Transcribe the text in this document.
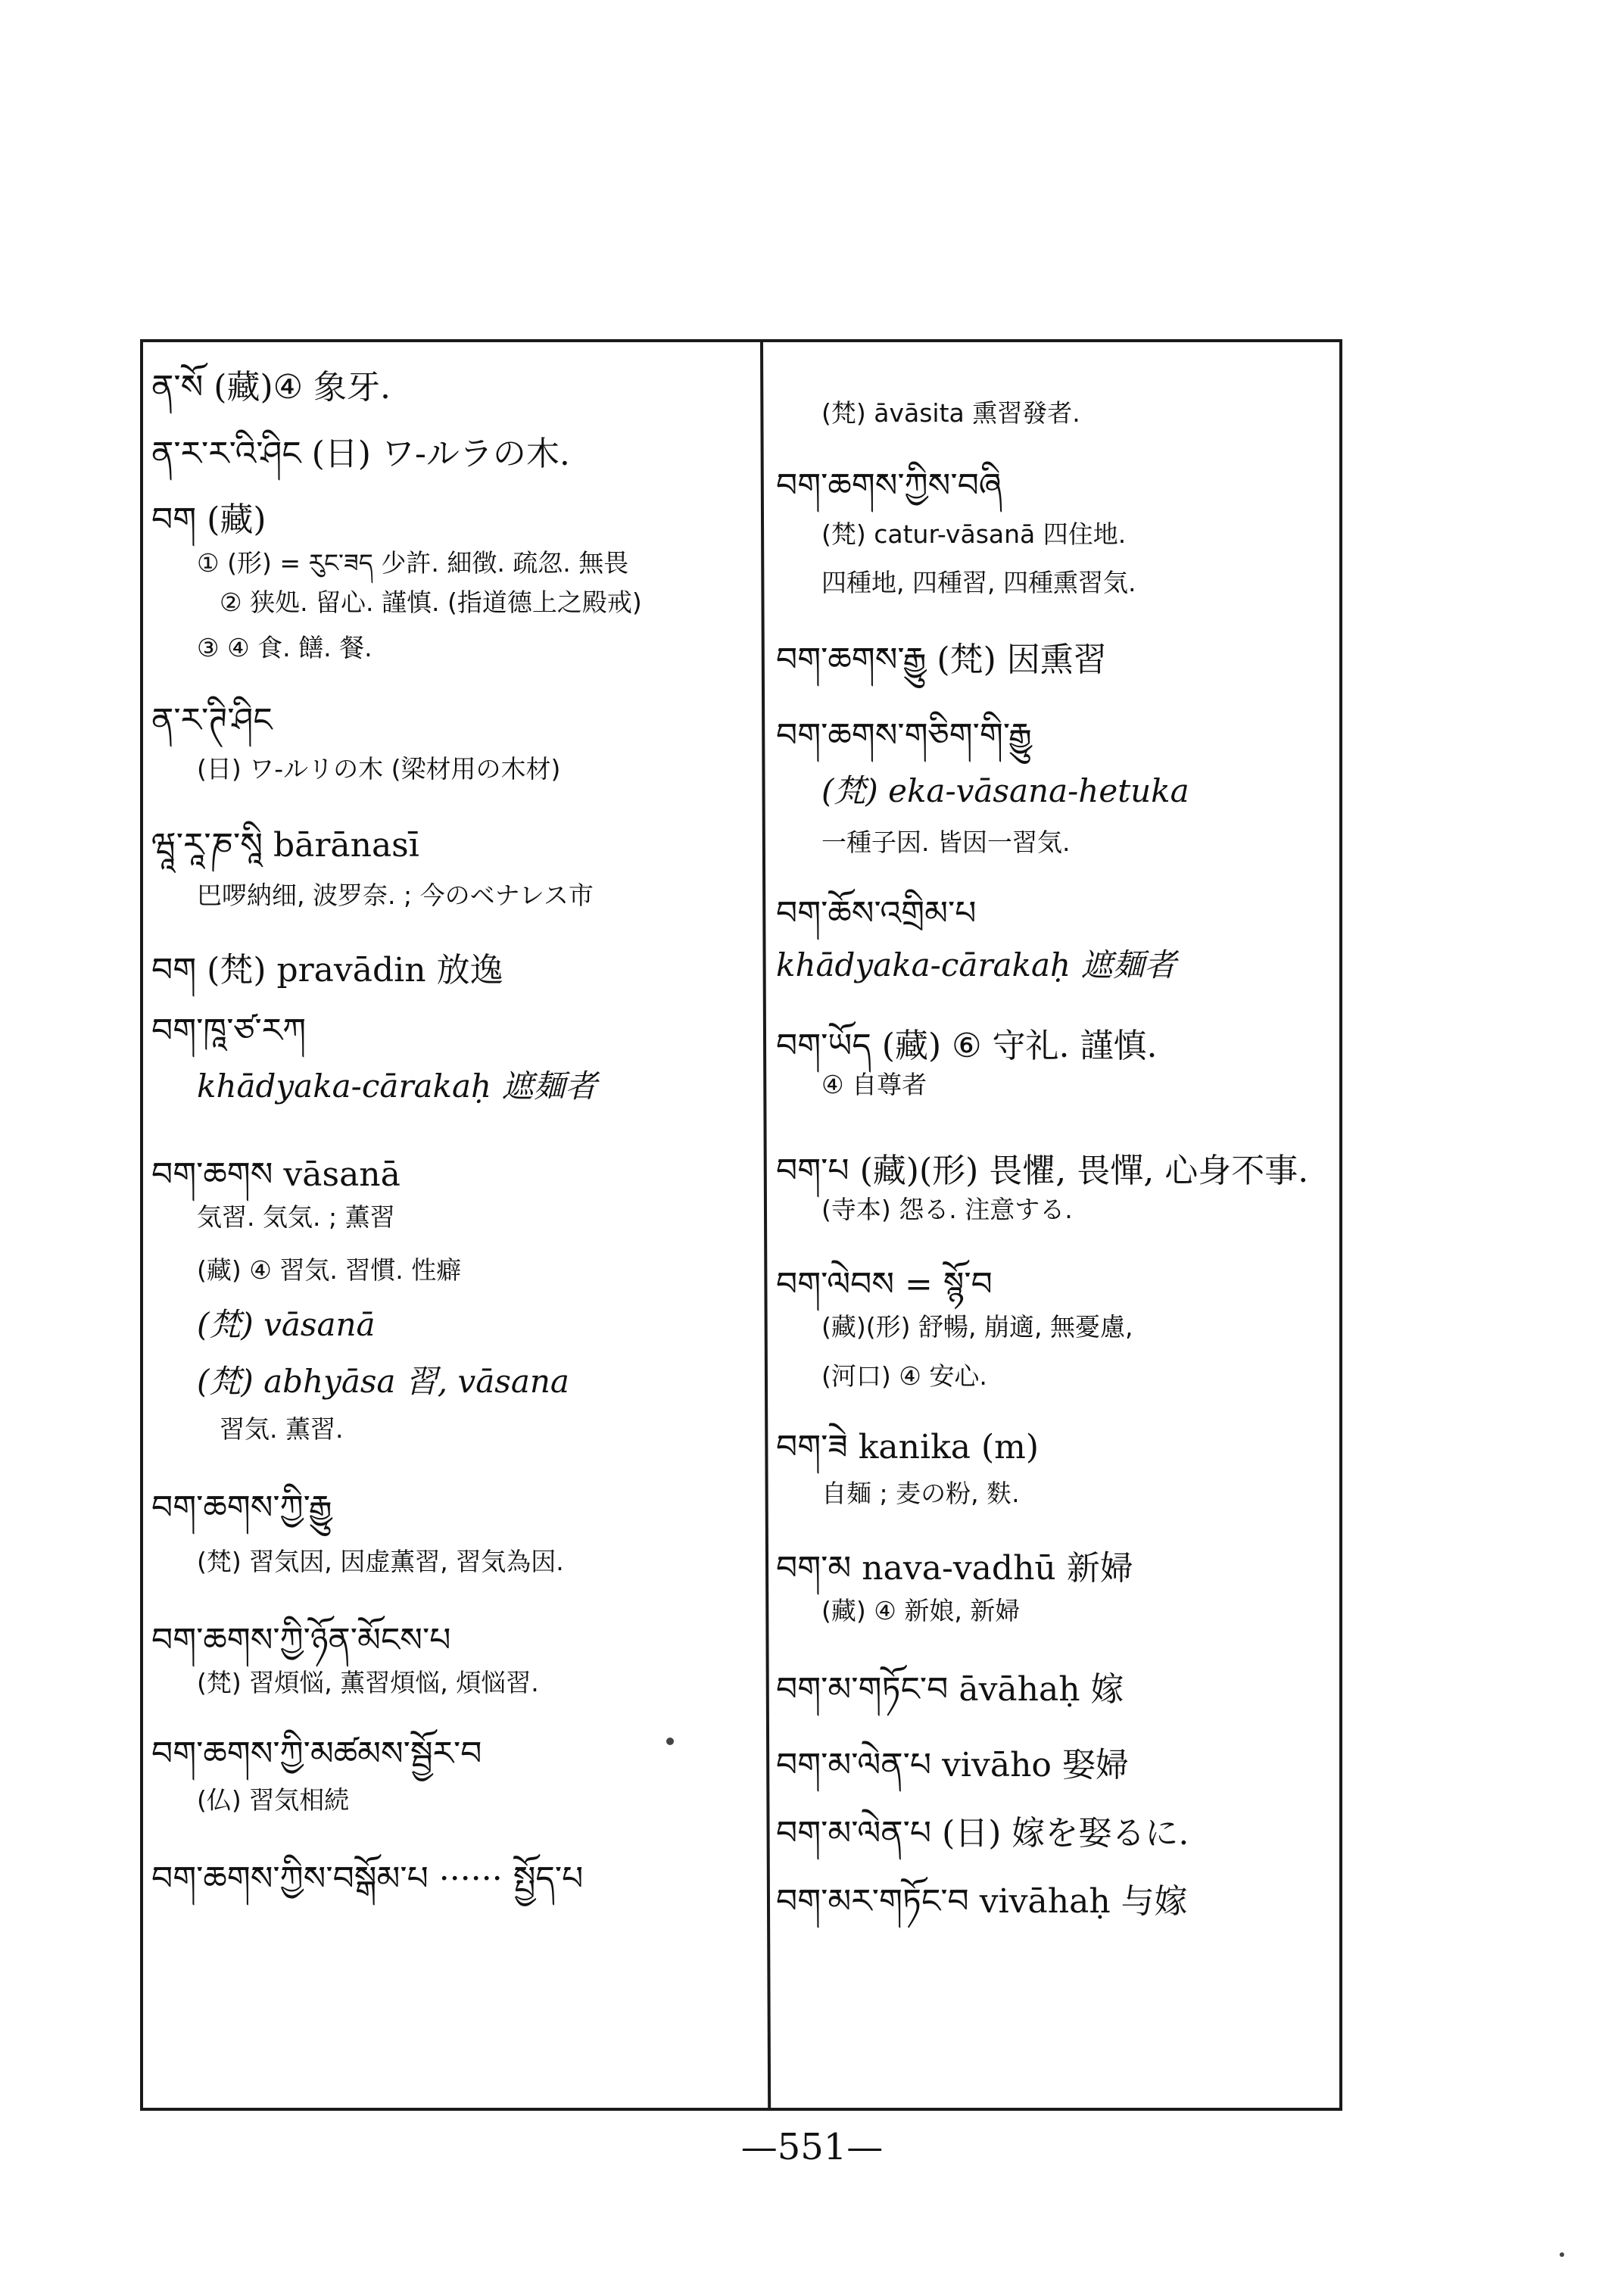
ན་སོ (藏)④ 象牙.
ན་ར་ར་འི་ཤིང (日) ワ-ルラの木.
བག (藏)
① (形) = རུང་ཟད 少許. 細徴. 疏忽. 無畏
② 狭処. 留心. 謹慎. (指道德上之殿戒)
③ ④ 食. 饍. 餐.
ན་ར་ཊི་ཤིང
(日) ワ-ルリの木 (梁材用の木材)
ཝཱ་རཱ་ཎ་སཱི bārānasī
巴啰納细, 波罗奈. ; 今のベナレス市
བག (梵) pravādin 放逸
བག་ཁཱ་ཙ་རཀ
khādyaka-cārakaḥ 遮麺者
བག་ཆགས vāsanā
気習. 気気. ; 薫習
(藏) ④ 習気. 習慣. 性癖
(梵) vāsanā
(梵) abhyāsa 習, vāsana
習気. 薫習.
བག་ཆགས་ཀྱི་རྒྱུ
(梵) 習気因, 因虚薫習, 習気為因.
བག་ཆགས་ཀྱི་ཉོན་མོངས་པ
(梵) 習煩悩, 薫習煩悩, 煩悩習.
བག་ཆགས་ཀྱི་མཚམས་སྦྱོར་བ
(仏) 習気相続
བག་ཆགས་ཀྱིས་བསྒོམ་པ ······ སྤྱོད་པ
(梵) āvāsita 熏習發者.
བག་ཆགས་ཀྱིས་བཞི
(梵) catur-vāsanā 四住地.
四種地, 四種習, 四種熏習気.
བག་ཆགས་རྒྱུ (梵) 因熏習
བག་ཆགས་གཅིག་གི་རྒྱུ
(梵) eka-vāsana-hetuka
一種子因. 皆因一習気.
བག་ཆོས་འགྲིམ་པ
khādyaka-cārakaḥ 遮麺者
བག་ཡོད (藏) ⑥ 守礼. 謹慎.
④ 自尊者
བག་པ (藏)(形) 畏懼, 畏憚, 心身不事.
(寺本) 怨る. 注意する.
བག་ལེབས = སྙོ་བ
(藏)(形) 舒暢, 崩適, 無憂慮,
(河口) ④ 安心.
བག་ཟེ kanika (m)
自麺 ; 麦の粉, 麩.
བག་མ nava-vadhū 新婦
(藏) ④ 新娘, 新婦
བག་མ་གཏོང་བ āvāhaḥ 嫁
བག་མ་ལེན་པ vivāho 娶婦
བག་མ་ལེན་པ (日) 嫁を娶るに.
བག་མར་གཏོང་བ vivāhaḥ 与嫁
—551—
